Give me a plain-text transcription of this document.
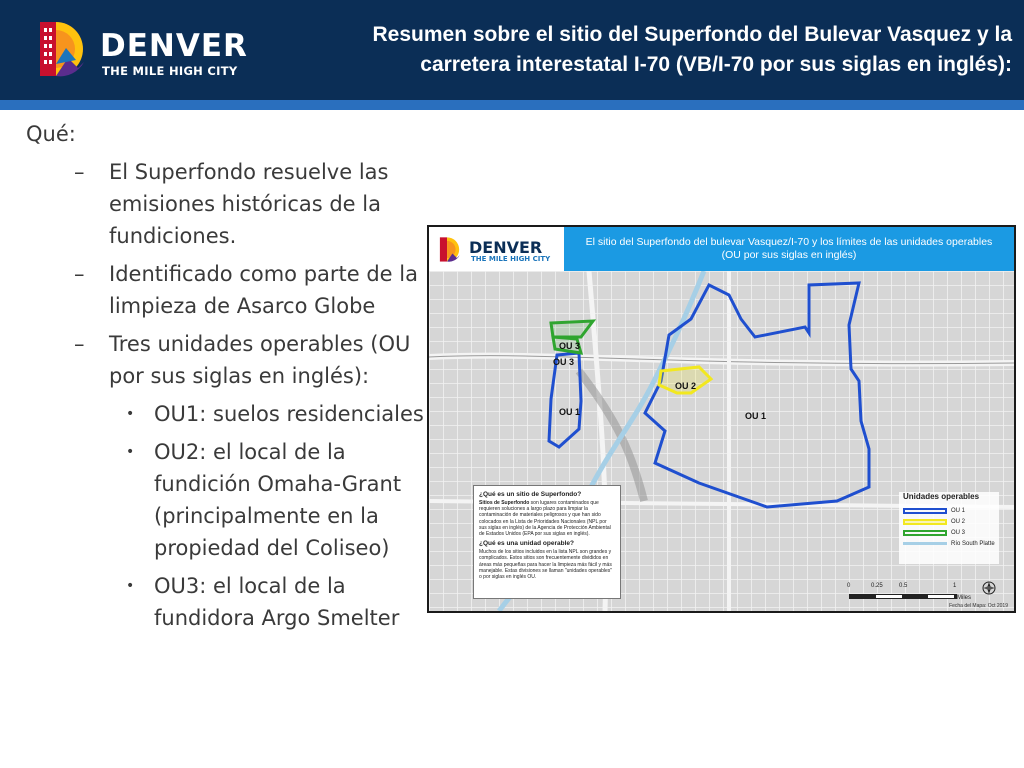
DENVER
THE MILE HIGH CITY
Resumen sobre el sitio del Superfondo del Bulevar Vasquez y la
carretera interestatal I-70 (VB/I-70 por sus siglas en inglés):
Qué:
– El Superfondo resuelve las emisiones históricas de la fundiciones.
– Identificado como parte de la limpieza de Asarco Globe
– Tres unidades operables (OU por sus siglas en inglés):
• OU1: suelos residenciales
• OU2: el local de la fundición Omaha-Grant (principalmente en la propiedad del Coliseo)
• OU3: el local de la fundidora Argo Smelter
DENVER
THE MILE HIGH CITY
El sitio del Superfondo del bulevar Vasquez/I-70 y los límites de las unidades operables
(OU por sus siglas en inglés)
OU 3
OU 3
OU 1
OU 2
OU 1
¿Qué es un sitio de Superfondo?
Sitios de Superfondo son lugares contaminados que requieren soluciones a largo plazo para limpiar la contaminación de materiales peligrosos y que han sido colocados en la Lista de Prioridades Nacionales (NPL por sus siglas en inglés) de la Agencia de Protección Ambiental de Estados Unidos (EPA por sus siglas en inglés).
¿Qué es una unidad operable?
Muchos de los sitios incluidos en la lista NPL son grandes y complicados. Estos sitios son frecuentemente divididos en áreas más pequeñas para hacer la limpieza más fácil y más manejable. Estas divisiones se llaman "unidades operables" o por siglas en inglés OU.
Unidades operables
OU 1
OU 2
OU 3
Río South Platte
0	0.25	0.5	1
Miles
Fecha del Mapa: Oct 2019
